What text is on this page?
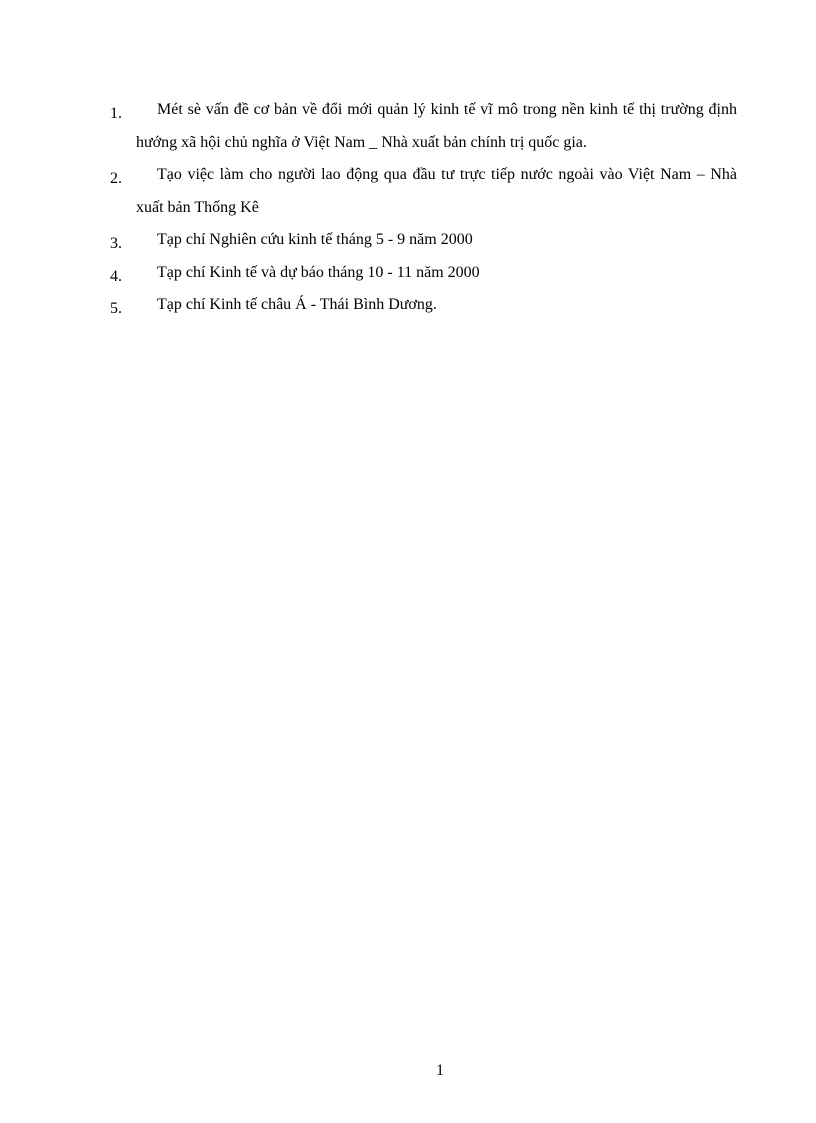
1.	Mét sè vấn đề cơ bản về đổi mới quản lý kinh tế vĩ mô trong nền kinh tế thị trường định hướng xã hội chủ nghĩa ở Việt Nam _ Nhà xuất bản chính trị quốc gia.
2.	Tạo việc làm cho người lao động qua đầu tư trực tiếp nước ngoài vào Việt Nam – Nhà xuất bản Thống Kê
3.	Tạp chí Nghiên cứu kinh tế tháng 5 - 9 năm 2000
4.	Tạp chí Kinh tế và dự báo tháng 10 - 11 năm 2000
5.	Tạp chí Kinh tế châu Á - Thái Bình Dương.
1
